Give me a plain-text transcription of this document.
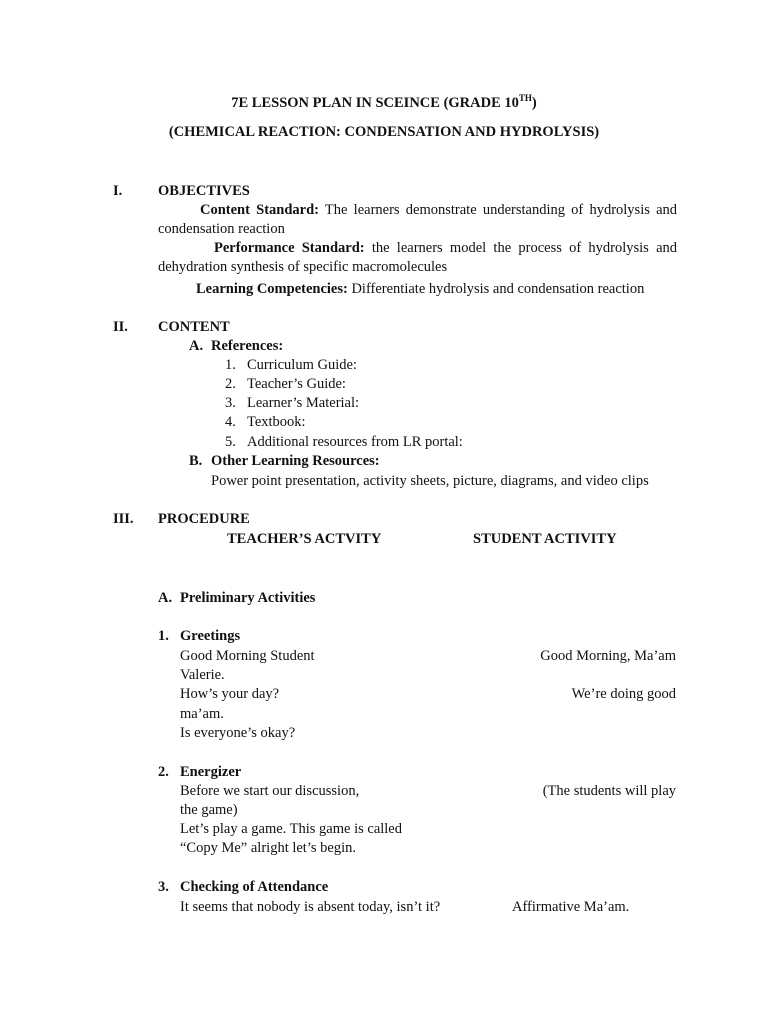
7E LESSON PLAN IN SCEINCE (GRADE 10TH)
(CHEMICAL REACTION: CONDENSATION AND HYDROLYSIS)
I. OBJECTIVES
Content Standard: The learners demonstrate understanding of hydrolysis and condensation reaction
Performance Standard: the learners model the process of hydrolysis and dehydration synthesis of specific macromolecules
Learning Competencies: Differentiate hydrolysis and condensation reaction
II. CONTENT
A. References:
1. Curriculum Guide:
2. Teacher’s Guide:
3. Learner’s Material:
4. Textbook:
5. Additional resources from LR portal:
B. Other Learning Resources:
Power point presentation, activity sheets, picture, diagrams, and video clips
III. PROCEDURE
TEACHER’S ACTVITY	STUDENT ACTIVITY
A. Preliminary Activities
1. Greetings
Good Morning Student	Good Morning, Ma’am
Valerie.
How’s your day?	We’re doing good
ma’am.
Is everyone’s okay?
2. Energizer
Before we start our discussion,	(The students will play
the game)
Let’s play a game. This game is called
“Copy Me” alright let’s begin.
3. Checking of Attendance
It seems that nobody is absent today, isn’t it?	Affirmative Ma’am.
